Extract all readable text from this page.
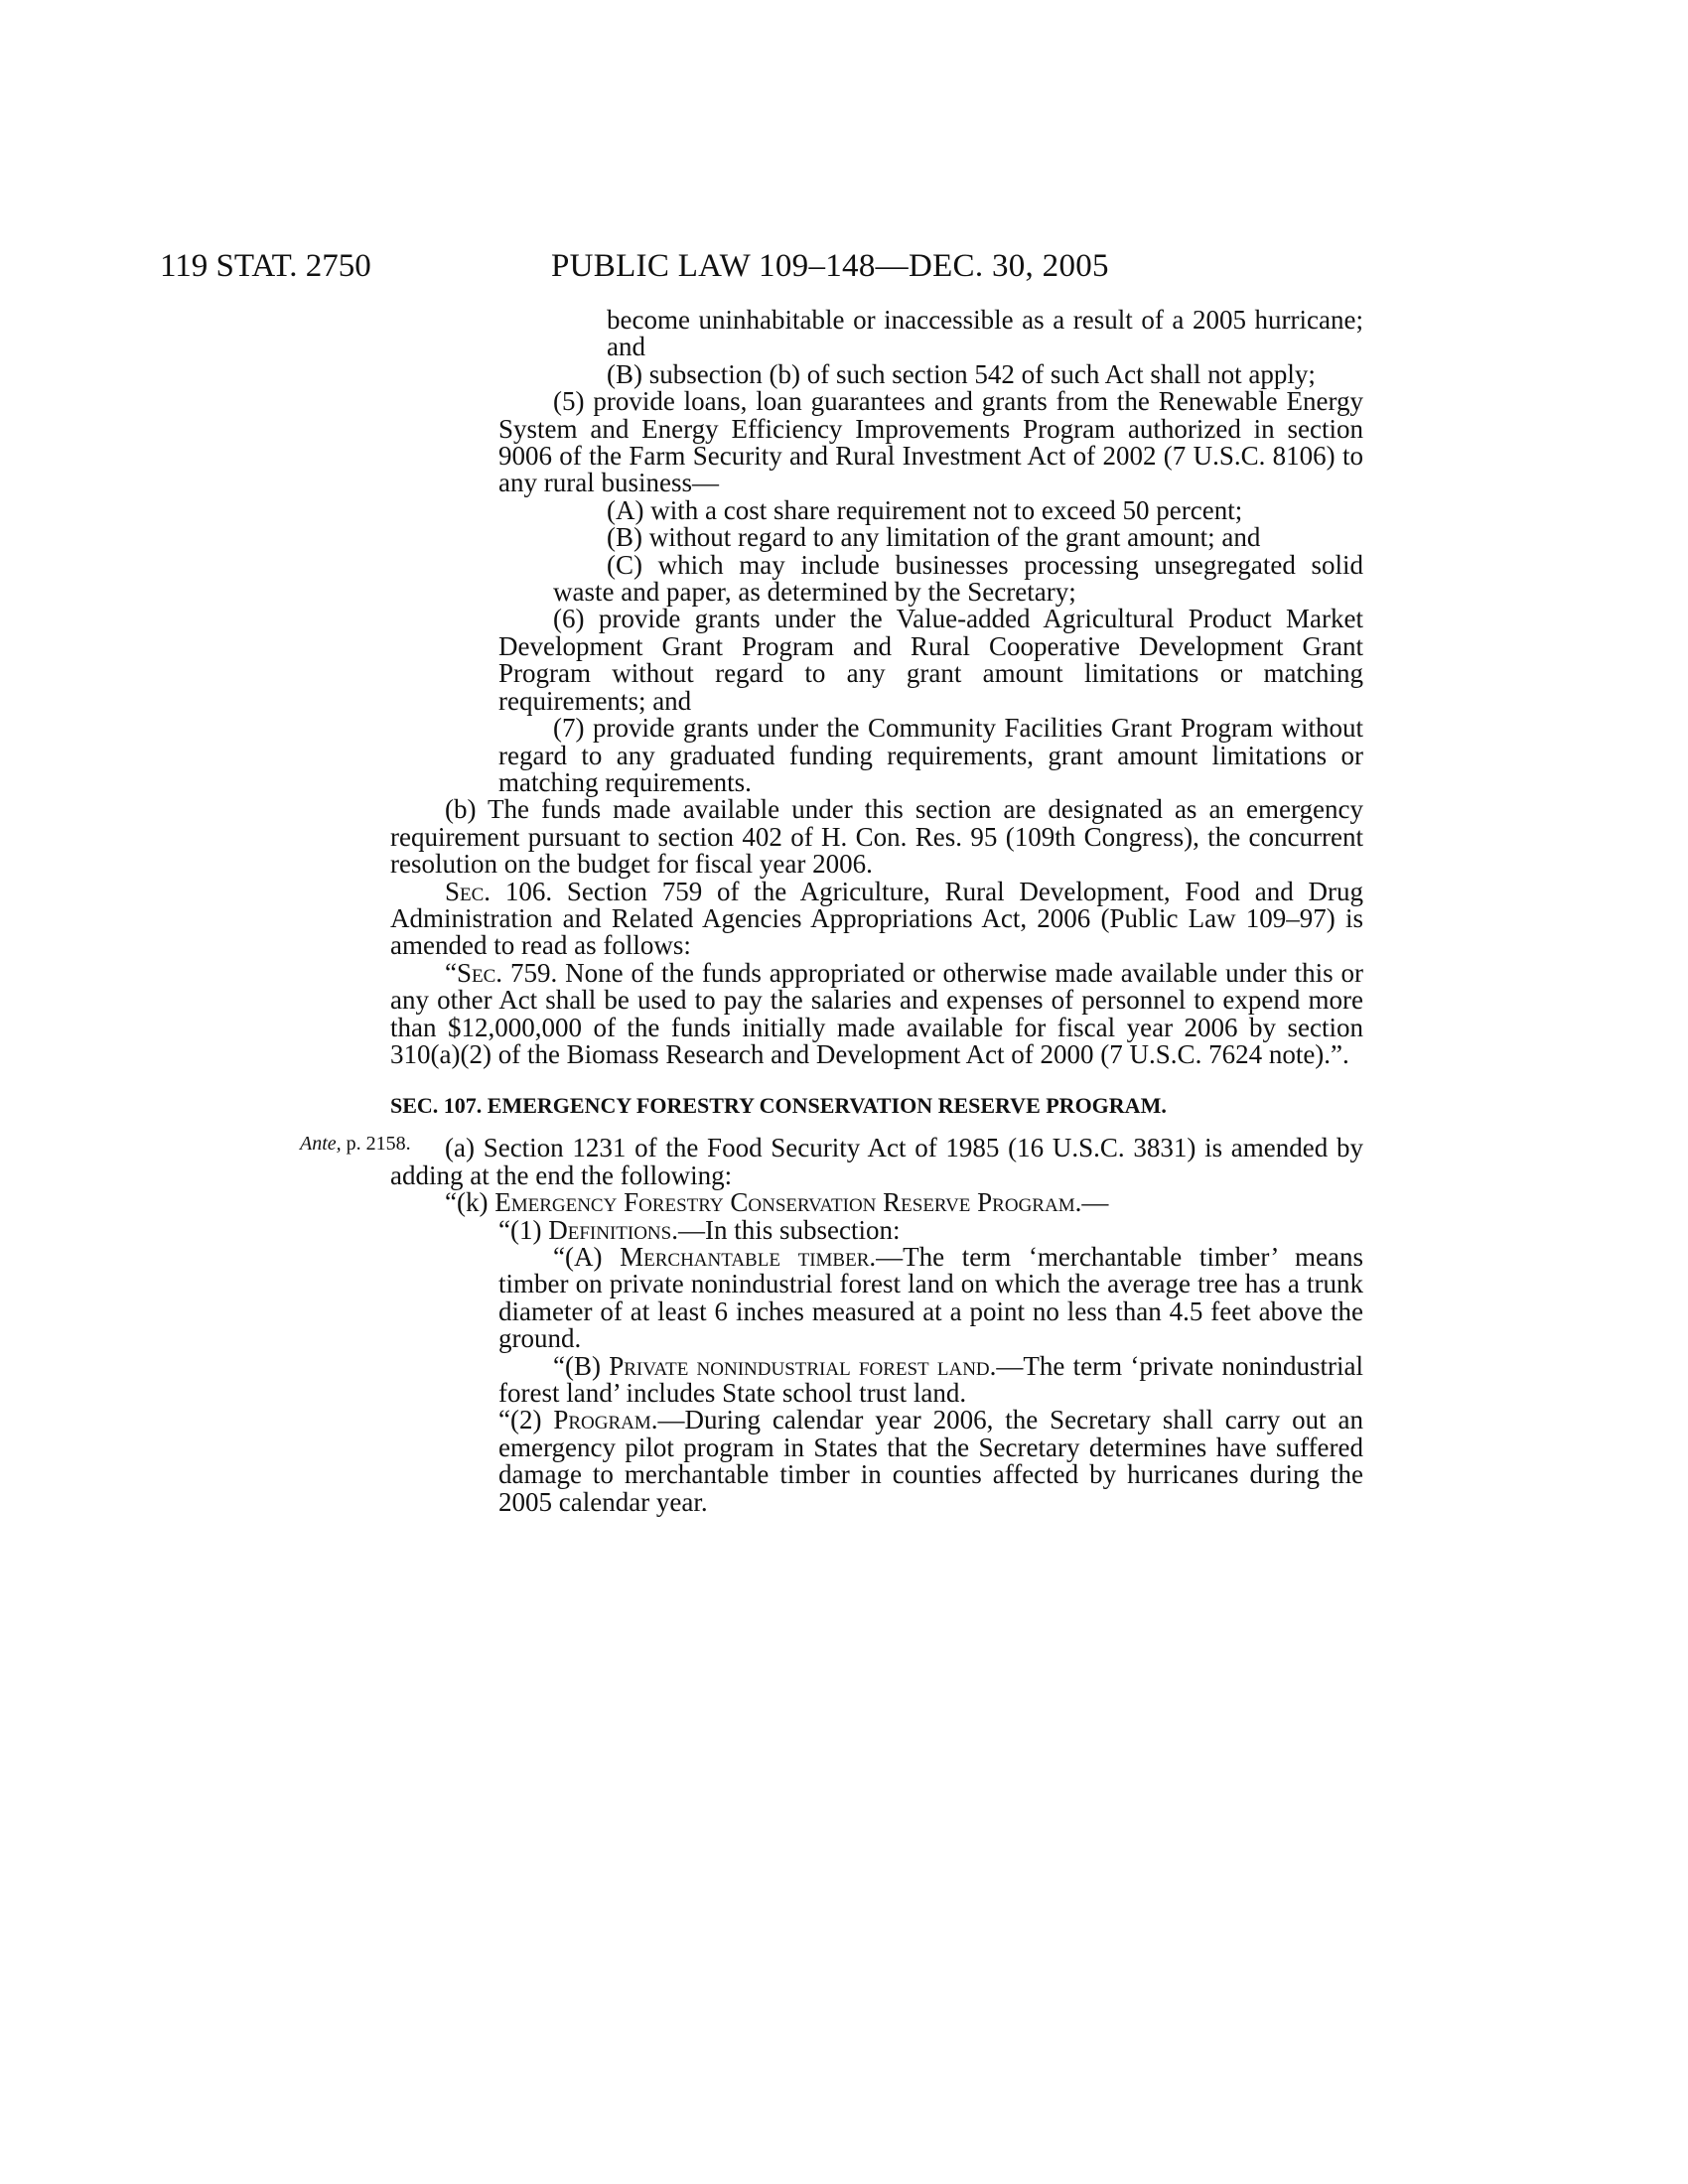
119 STAT. 2750	PUBLIC LAW 109–148—DEC. 30, 2005
Ante, p. 2158.

become uninhabitable or inaccessible as a result of a 2005 hurricane; and

(B) subsection (b) of such section 542 of such Act shall not apply;

(5) provide loans, loan guarantees and grants from the Renewable Energy System and Energy Efficiency Improvements Program authorized in section 9006 of the Farm Security and Rural Investment Act of 2002 (7 U.S.C. 8106) to any rural business—

(A) with a cost share requirement not to exceed 50 percent;

(B) without regard to any limitation of the grant amount; and

(C) which may include businesses processing unsegregated solid waste and paper, as determined by the Secretary;

(6) provide grants under the Value-added Agricultural Product Market Development Grant Program and Rural Cooperative Development Grant Program without regard to any grant amount limitations or matching requirements; and

(7) provide grants under the Community Facilities Grant Program without regard to any graduated funding requirements, grant amount limitations or matching requirements.

(b) The funds made available under this section are designated as an emergency requirement pursuant to section 402 of H. Con. Res. 95 (109th Congress), the concurrent resolution on the budget for fiscal year 2006.

Sec. 106. Section 759 of the Agriculture, Rural Development, Food and Drug Administration and Related Agencies Appropriations Act, 2006 (Public Law 109–97) is amended to read as follows:

“Sec. 759. None of the funds appropriated or otherwise made available under this or any other Act shall be used to pay the salaries and expenses of personnel to expend more than $12,000,000 of the funds initially made available for fiscal year 2006 by section 310(a)(2) of the Biomass Research and Development Act of 2000 (7 U.S.C. 7624 note).”.

SEC. 107. EMERGENCY FORESTRY CONSERVATION RESERVE PROGRAM.

(a) Section 1231 of the Food Security Act of 1985 (16 U.S.C. 3831) is amended by adding at the end the following:

“(k) Emergency Forestry Conservation Reserve Program.—

“(1) Definitions.—In this subsection:

“(A) Merchantable timber.—The term ‘merchantable timber’ means timber on private nonindustrial forest land on which the average tree has a trunk diameter of at least 6 inches measured at a point no less than 4.5 feet above the ground.

“(B) Private nonindustrial forest land.—The term ‘private nonindustrial forest land’ includes State school trust land.

“(2) Program.—During calendar year 2006, the Secretary shall carry out an emergency pilot program in States that the Secretary determines have suffered damage to merchantable timber in counties affected by hurricanes during the 2005 calendar year.
